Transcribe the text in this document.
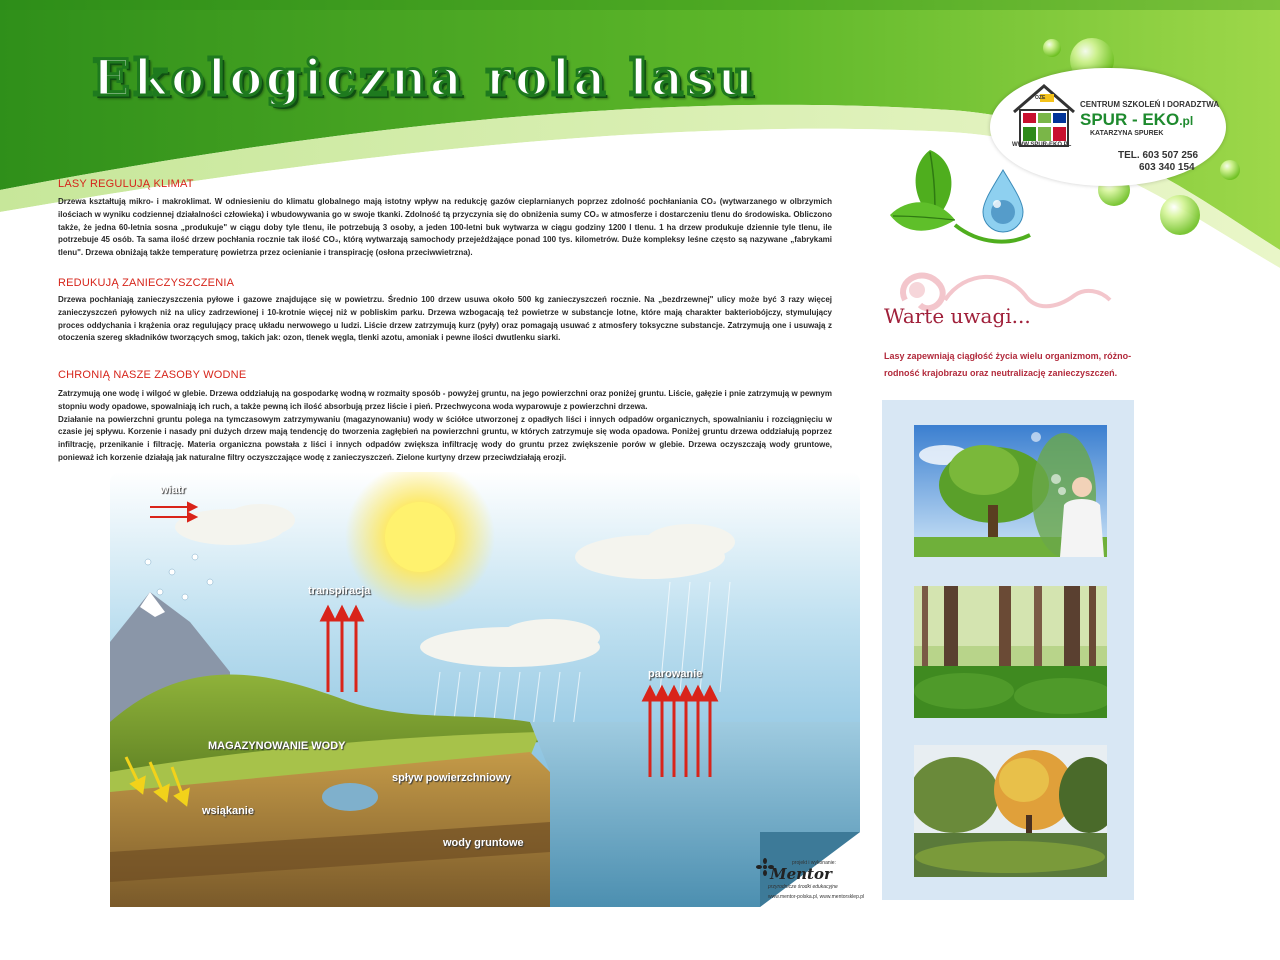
Ekologiczna rola lasu	OZE
WWW.SPUR-EKO.PL
CENTRUM SZKOLEŃ I DORADZTWA
SPUR - EKO.pl
KATARZYNA SPUREK
TEL. 603 507 256
603 340 154
LASY REGULUJĄ KLIMAT

Drzewa kształtują mikro- i makroklimat. W odniesieniu do klimatu globalnego mają istotny wpływ na redukcję gazów cieplarnianych poprzez zdolność pochłaniania CO₂ (wytwarzanego w olbrzymich ilościach w wyniku codziennej działalności człowieka) i wbudowywania go w swoje tkanki. Zdolność tą przyczynia się do obniżenia sumy CO₂ w atmosferze i dostarczeniu tlenu do środowiska. Obliczono także, że jedna 60-letnia sosna „produkuje" w ciągu doby tyle tlenu, ile potrzebują 3 osoby, a jeden 100-letni buk wytwarza w ciągu godziny 1200 l tlenu. 1 ha drzew produkuje dziennie tyle tlenu, ile potrzebuje 45 osób. Ta sama ilość drzew pochłania rocznie tak ilość CO₂, którą wytwarzają samochody przejeżdżające ponad 100 tys. kilometrów. Duże kompleksy leśne często są nazywane „fabrykami tlenu". Drzewa obniżają także temperaturę powietrza przez ocienianie i transpirację (osłona przeciwwietrzna).

REDUKUJĄ ZANIECZYSZCZENIA

Drzewa pochłaniają zanieczyszczenia pyłowe i gazowe znajdujące się w powietrzu. Średnio 100 drzew usuwa około 500 kg zanieczyszczeń rocznie. Na „bezdrzewnej" ulicy może być 3 razy więcej zanieczyszczeń pyłowych niż na ulicy zadrzewionej i 10-krotnie więcej niż w pobliskim parku. Drzewa wzbogacają też powietrze w substancje lotne, które mają charakter bakteriobójczy, stymulujący proces oddychania i krążenia oraz regulujący pracę układu nerwowego u ludzi. Liście drzew zatrzymują kurz (pyły) oraz pomagają usuwać z atmosfery toksyczne substancje. Zatrzymują one i usuwają z otoczenia szereg składników tworzących smog, takich jak: ozon, tlenek węgla, tlenki azotu, amoniak i pewne ilości dwutlenku siarki.

CHRONIĄ NASZE ZASOBY WODNE

Zatrzymują one wodę i wilgoć w glebie. Drzewa oddziałują na gospodarkę wodną w rozmaity sposób - powyżej gruntu, na jego powierzchni oraz poniżej gruntu. Liście, gałęzie i pnie zatrzymują w pewnym stopniu wody opadowe, spowalniają ich ruch, a także pewną ich ilość absorbują przez liście i pień. Przechwycona woda wyparowuje z powierzchni drzewa.

Działanie na powierzchni gruntu polega na tymczasowym zatrzymywaniu (magazynowaniu) wody w ściółce utworzonej z opadłych liści i innych odpadów organicznych, spowalnianiu i rozciągnięciu w czasie jej spływu. Korzenie i nasady pni dużych drzew mają tendencję do tworzenia zagłębień na powierzchni gruntu, w których zatrzymuje się woda opadowa. Poniżej gruntu drzewa oddziałują poprzez infiltrację, przenikanie i filtrację. Materia organiczna powstała z liści i innych odpadów zwiększa infiltrację wody do gruntu przez zwiększenie porów w glebie. Drzewa oczyszczają wody gruntowe, ponieważ ich korzenie działają jak naturalne filtry oczyszczające wodę z zanieczyszczeń. Zielone kurtyny drzew przeciwdziałają erozji.

wiatr
transpiracja
parowanie
MAGAZYNOWANIE WODY
spływ powierzchniowy
wsiąkanie
wody gruntowe
projekt i wykonanie:
Mentor
przyrodnicze środki edukacyjne
www.mentor-polska.pl, www.mentorsklep.pl
Warte uwagi...
Lasy zapewniają ciągłość życia wielu organizmom, różno-rodność krajobrazu oraz neutralizację zanieczyszczeń.
